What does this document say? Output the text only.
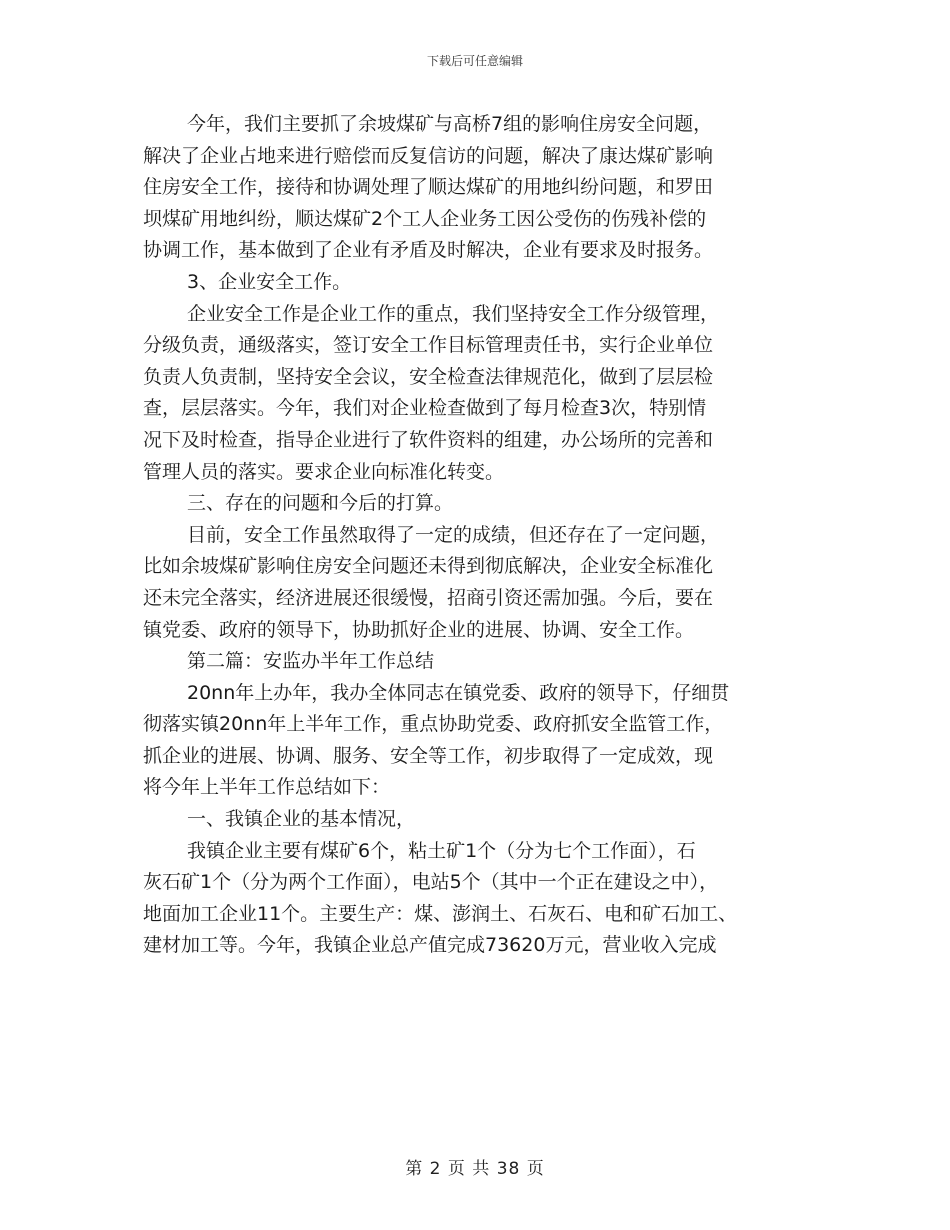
下载后可任意编辑
今年，我们主要抓了余坡煤矿与高桥7组的影响住房安全问题，
解决了企业占地来进行赔偿而反复信访的问题，解决了康达煤矿影响
住房安全工作，接待和协调处理了顺达煤矿的用地纠纷问题，和罗田
坝煤矿用地纠纷，顺达煤矿2个工人企业务工因公受伤的伤残补偿的
协调工作，基本做到了企业有矛盾及时解决，企业有要求及时报务。
3、企业安全工作。
企业安全工作是企业工作的重点，我们坚持安全工作分级管理，
分级负责，通级落实，签订安全工作目标管理责任书，实行企业单位
负责人负责制，坚持安全会议，安全检查法律规范化，做到了层层检
查，层层落实。今年，我们对企业检查做到了每月检查3次，特别情
况下及时检查，指导企业进行了软件资料的组建，办公场所的完善和
管理人员的落实。要求企业向标准化转变。
三、存在的问题和今后的打算。
目前，安全工作虽然取得了一定的成绩，但还存在了一定问题，
比如余坡煤矿影响住房安全问题还未得到彻底解决，企业安全标准化
还未完全落实，经济进展还很缓慢，招商引资还需加强。今后，要在
镇党委、政府的领导下，协助抓好企业的进展、协调、安全工作。
第二篇：安监办半年工作总结
20nn年上办年，我办全体同志在镇党委、政府的领导下，仔细贯
彻落实镇20nn年上半年工作，重点协助党委、政府抓安全监管工作，
抓企业的进展、协调、服务、安全等工作，初步取得了一定成效，现
将今年上半年工作总结如下：
一、我镇企业的基本情况，
我镇企业主要有煤矿6个，粘土矿1个（分为七个工作面），石
灰石矿1个（分为两个工作面），电站5个（其中一个正在建设之中），
地面加工企业11个。主要生产：煤、澎润土、石灰石、电和矿石加工、
建材加工等。今年，我镇企业总产值完成73620万元，营业收入完成
第 2 页 共 38 页
